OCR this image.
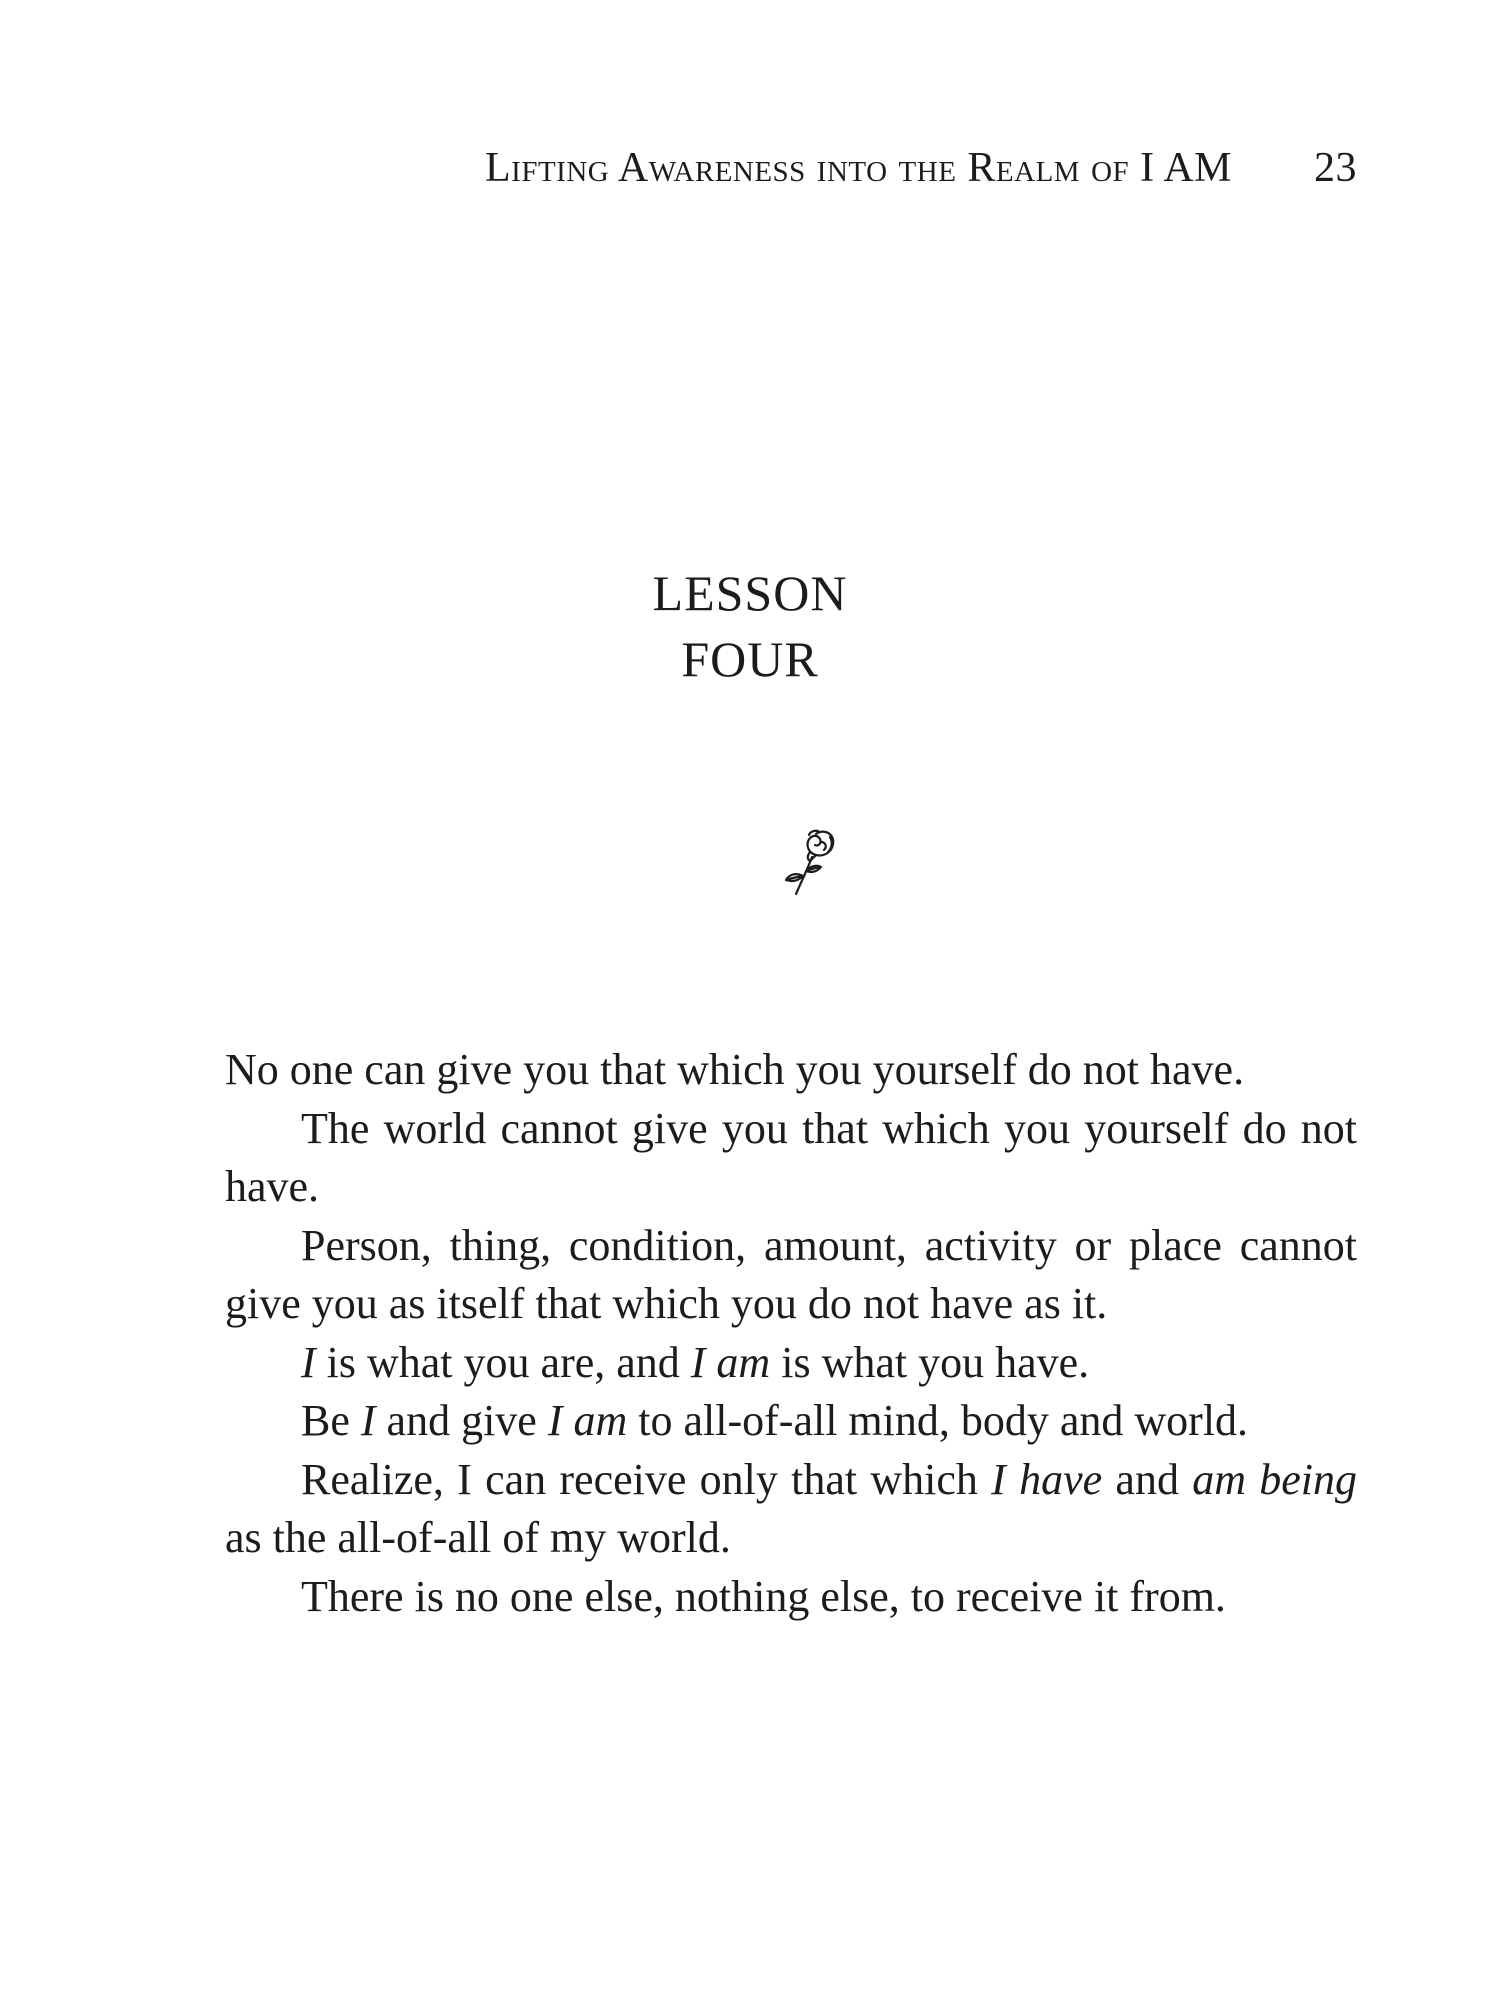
Lifting Awareness into the Realm of I AM 23
LESSON
FOUR

No one can give you that which you yourself do not have.

The world cannot give you that which you yourself do not have.

Person, thing, condition, amount, activity or place cannot give you as itself that which you do not have as it.

I is what you are, and I am is what you have.

Be I and give I am to all-of-all mind, body and world.

Realize, I can receive only that which I have and am being as the all-of-all of my world.

There is no one else, nothing else, to receive it from.
